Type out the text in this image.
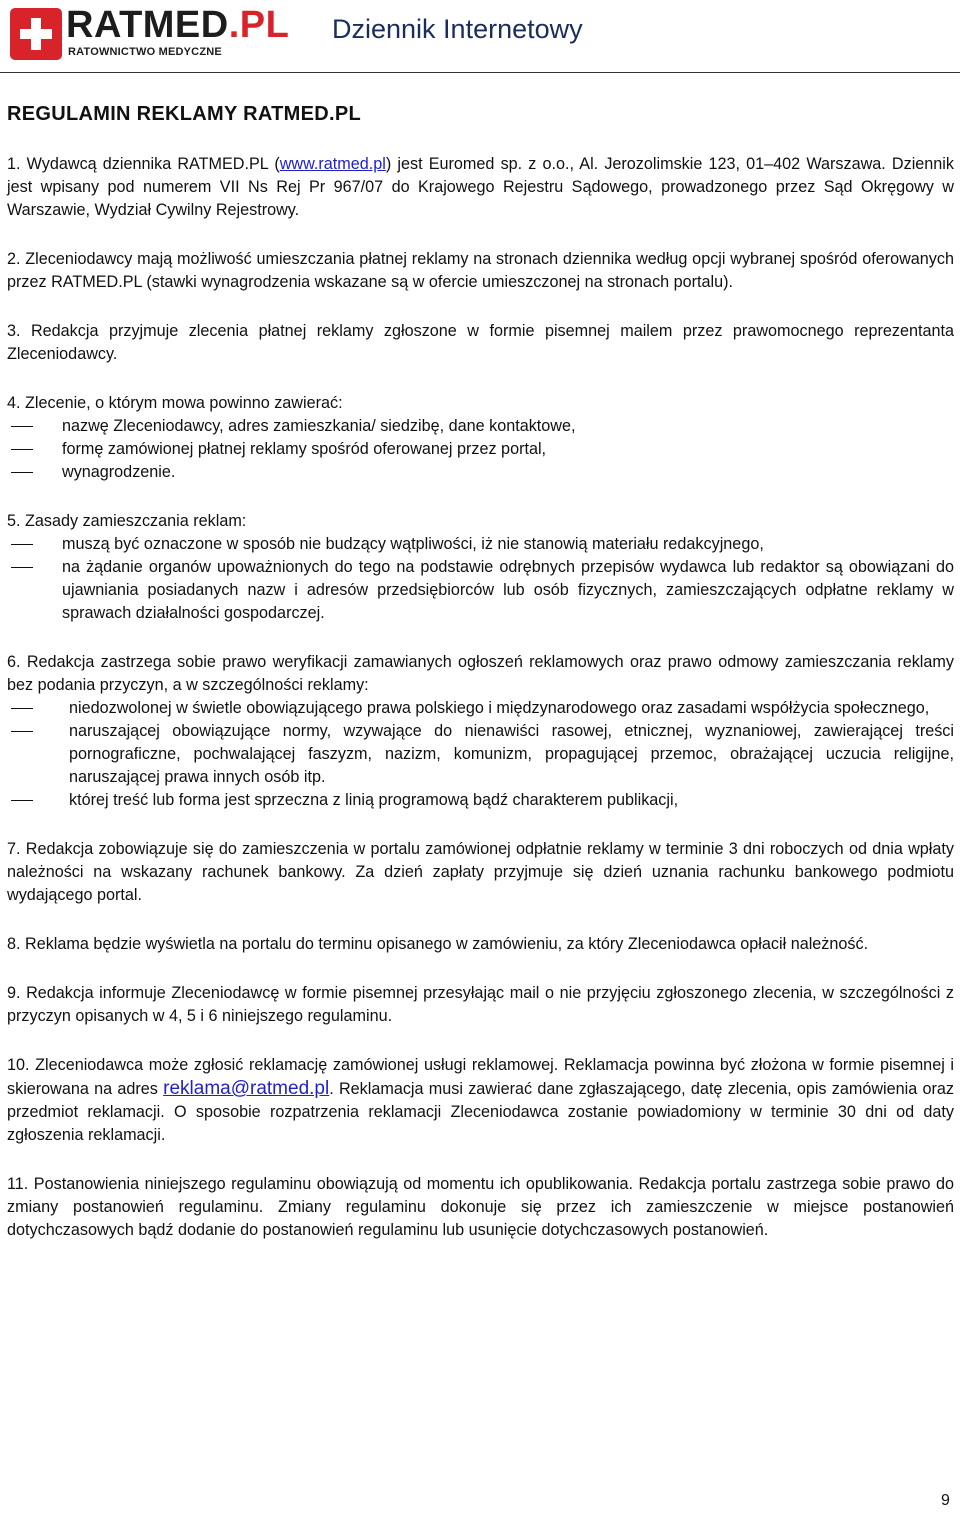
RATMED.PL
RATOWNICTWO MEDYCZNE
Dziennik Internetowy
REGULAMIN REKLAMY RATMED.PL

1. Wydawcą dziennika RATMED.PL (www.ratmed.pl) jest Euromed sp. z o.o., Al. Jerozolimskie 123, 01–402 Warszawa. Dziennik jest wpisany pod numerem VII Ns Rej Pr 967/07 do Krajowego Rejestru Sądowego, prowadzonego przez Sąd Okręgowy w Warszawie, Wydział Cywilny Rejestrowy.

2. Zleceniodawcy mają możliwość umieszczania płatnej reklamy na stronach dziennika według opcji wybranej spośród oferowanych przez RATMED.PL (stawki wynagrodzenia wskazane są w ofercie umieszczonej na stronach portalu).

3. Redakcja przyjmuje zlecenia płatnej reklamy zgłoszone w formie pisemnej mailem przez prawomocnego reprezentanta Zleceniodawcy.

4. Zlecenie, o którym mowa powinno zawierać:

nazwę Zleceniodawcy, adres zamieszkania/ siedzibę, dane kontaktowe,
formę zamówionej płatnej reklamy spośród oferowanej przez portal,
wynagrodzenie.

5. Zasady zamieszczania reklam:

muszą być oznaczone w sposób nie budzący wątpliwości, iż nie stanowią materiału redakcyjnego,
na żądanie organów upoważnionych do tego na podstawie odrębnych przepisów wydawca lub redaktor są obowiązani do ujawniania posiadanych nazw i adresów przedsiębiorców lub osób fizycznych, zamieszczających odpłatne reklamy w sprawach działalności gospodarczej.

6. Redakcja zastrzega sobie prawo weryfikacji zamawianych ogłoszeń reklamowych oraz prawo odmowy zamieszczania reklamy bez podania przyczyn, a w szczególności reklamy:

niedozwolonej w świetle obowiązującego prawa polskiego i międzynarodowego oraz zasadami współżycia społecznego,
naruszającej obowiązujące normy, wzywające do nienawiści rasowej, etnicznej, wyznaniowej, zawierającej treści pornograficzne, pochwalającej faszyzm, nazizm, komunizm, propagującej przemoc, obrażającej uczucia religijne, naruszającej prawa innych osób itp.
której treść lub forma jest sprzeczna z linią programową bądź charakterem publikacji,

7. Redakcja zobowiązuje się do zamieszczenia w portalu zamówionej odpłatnie reklamy w terminie 3 dni roboczych od dnia wpłaty należności na wskazany rachunek bankowy. Za dzień zapłaty przyjmuje się dzień uznania rachunku bankowego podmiotu wydającego portal.

8. Reklama będzie wyświetla na portalu do terminu opisanego w zamówieniu, za który Zleceniodawca opłacił należność.

9. Redakcja informuje Zleceniodawcę w formie pisemnej przesyłając mail o nie przyjęciu zgłoszonego zlecenia, w szczególności z przyczyn opisanych w 4, 5 i 6 niniejszego regulaminu.

10. Zleceniodawca może zgłosić reklamację zamówionej usługi reklamowej. Reklamacja powinna być złożona w formie pisemnej i skierowana na adres reklama@ratmed.pl. Reklamacja musi zawierać dane zgłaszającego, datę zlecenia, opis zamówienia oraz przedmiot reklamacji. O sposobie rozpatrzenia reklamacji Zleceniodawca zostanie powiadomiony w terminie 30 dni od daty zgłoszenia reklamacji.

11. Postanowienia niniejszego regulaminu obowiązują od momentu ich opublikowania. Redakcja portalu zastrzega sobie prawo do zmiany postanowień regulaminu. Zmiany regulaminu dokonuje się przez ich zamieszczenie w miejsce postanowień dotychczasowych bądź dodanie do postanowień regulaminu lub usunięcie dotychczasowych postanowień.

9
